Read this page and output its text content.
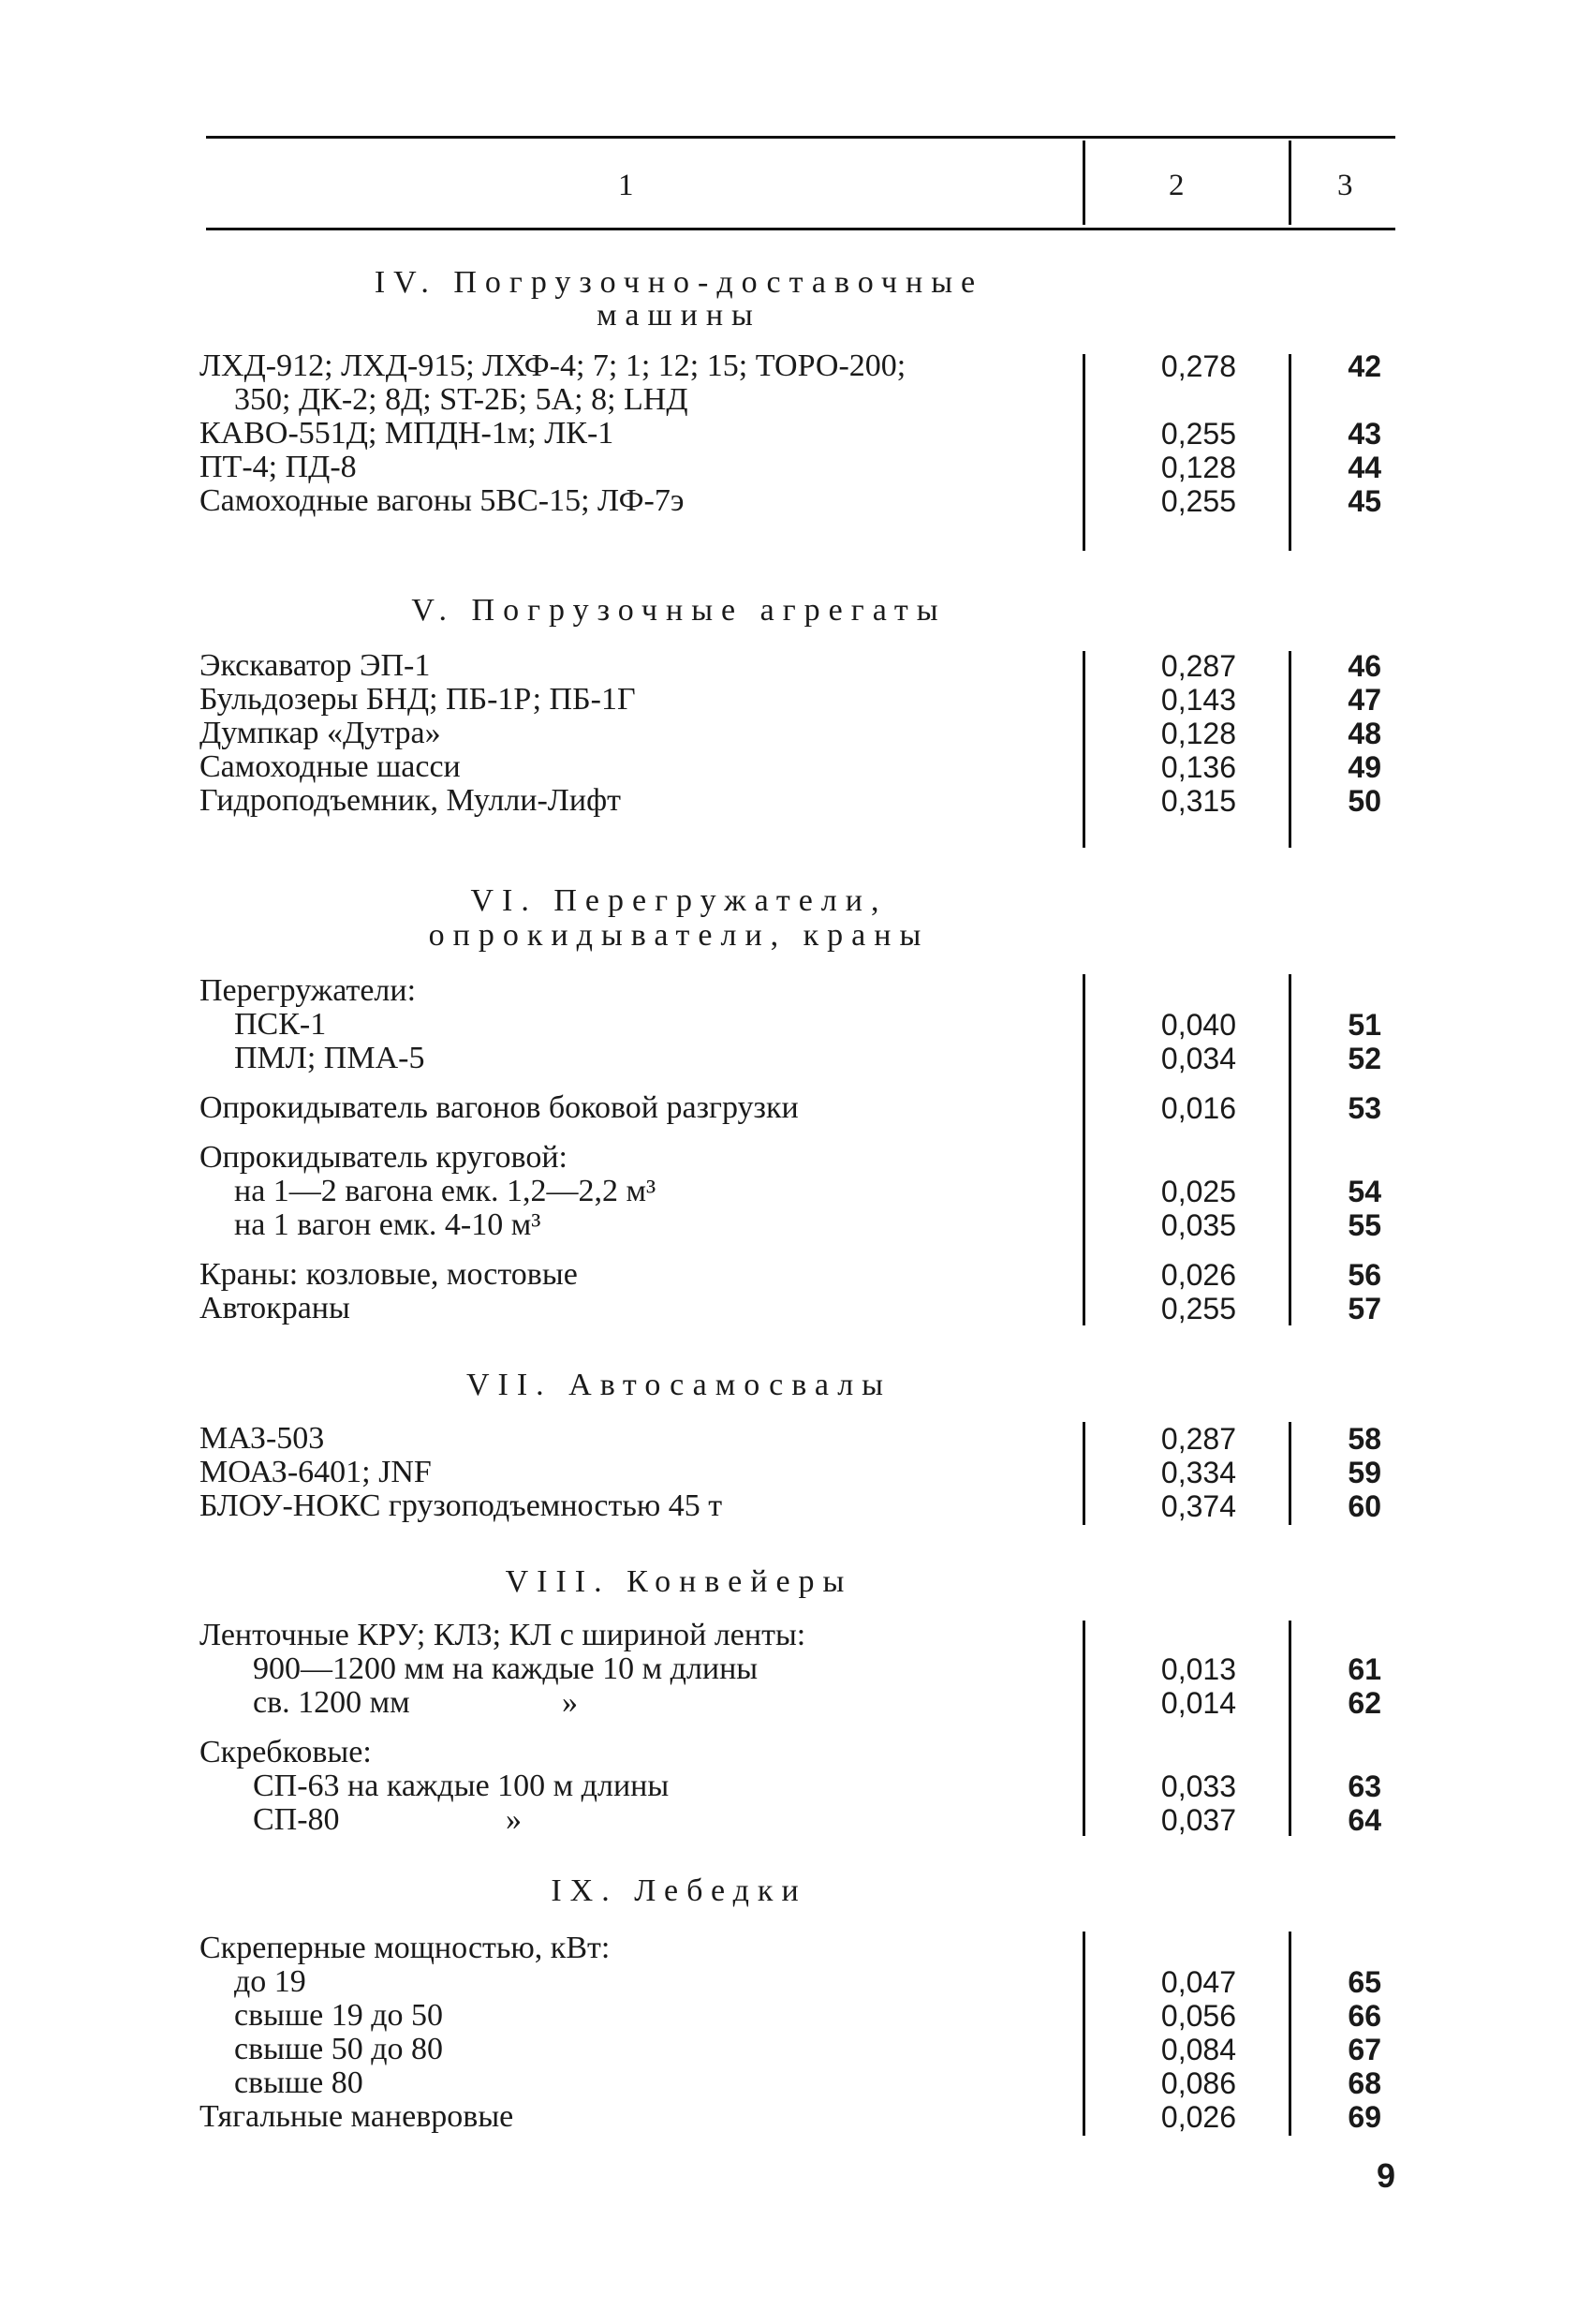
1	2	3
IV. Погрузочно-доставочные
машины
ЛХД-912; ЛХД-915; ЛХФ-4; 7; 1; 12; 15; ТОРО-200;	0,278	42
350; ДК-2; 8Д; ST-2Б; 5А; 8; LНД
КАВО-551Д; МПДН-1м; ЛК-1	0,255	43
ПТ-4; ПД-8	0,128	44
Самоходные вагоны 5ВС-15; ЛФ-7э	0,255	45
V. Погрузочные агрегаты
Экскаватор ЭП-1	0,287	46
Бульдозеры БНД; ПБ-1Р; ПБ-1Г	0,143	47
Думпкар «Дутра»	0,128	48
Самоходные шасси	0,136	49
Гидроподъемник, Мулли-Лифт	0,315	50
VI. Перегружатели,
опрокидыватели, краны
Перегружатели:
ПСК-1	0,040	51
ПМЛ; ПМА-5	0,034	52
Опрокидыватель вагонов боковой разгрузки	0,016	53
Опрокидыватель круговой:
на 1—2 вагона емк. 1,2—2,2 м³	0,025	54
на 1 вагон емк. 4-10 м³	0,035	55
Краны: козловые, мостовые	0,026	56
Автокраны	0,255	57
VII. Автосамосвалы
МАЗ-503	0,287	58
МОАЗ-6401; JNF	0,334	59
БЛОУ-НОКС грузоподъемностью 45 т	0,374	60
VIII. Конвейеры
Ленточные КРУ; КЛЗ; КЛ с шириной ленты:
900—1200 мм на каждые 10 м длины	0,013	61
св. 1200 мм	»	0,014	62
Скребковые:
СП-63 на каждые 100 м длины	0,033	63
СП-80	»	0,037	64
IX. Лебедки
Скреперные мощностью, кВт:
до 19	0,047	65
свыше 19 до 50	0,056	66
свыше 50 до 80	0,084	67
свыше 80	0,086	68
Тягальные маневровые	0,026	69
9
